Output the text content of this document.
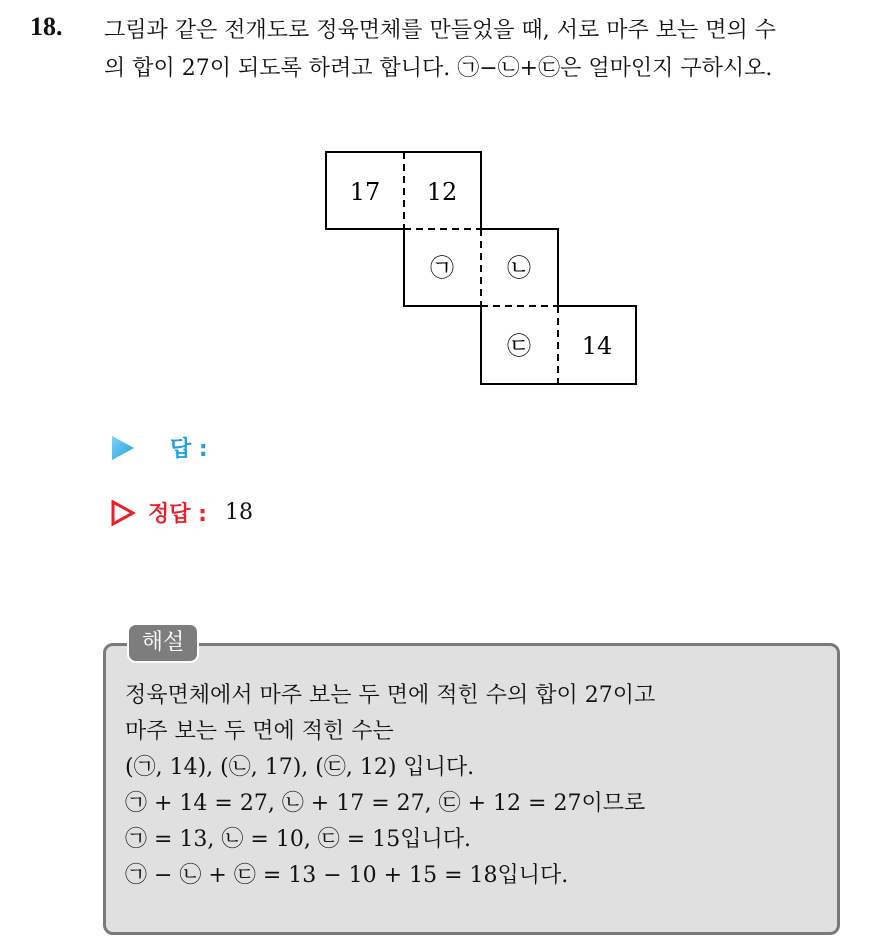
18. 그림과 같은 전개도로 정육면체를 만들었을 때, 서로 마주 보는 면의 수
의 합이 27이 되도록 하려고 합니다. ㉠−㉡+㉢은 얼마인지 구하시오.
17 12
㉠ ㉡
㉢ 14
답 :
정답 : 18
해설
정육면체에서 마주 보는 두 면에 적힌 수의 합이 27이고
마주 보는 두 면에 적힌 수는
(㉠, 14), (㉡, 17), (㉢, 12) 입니다.
㉠ + 14 = 27, ㉡ + 17 = 27, ㉢ + 12 = 27이므로
㉠ = 13, ㉡ = 10, ㉢ = 15입니다.
㉠ − ㉡ + ㉢ = 13 − 10 + 15 = 18입니다.
